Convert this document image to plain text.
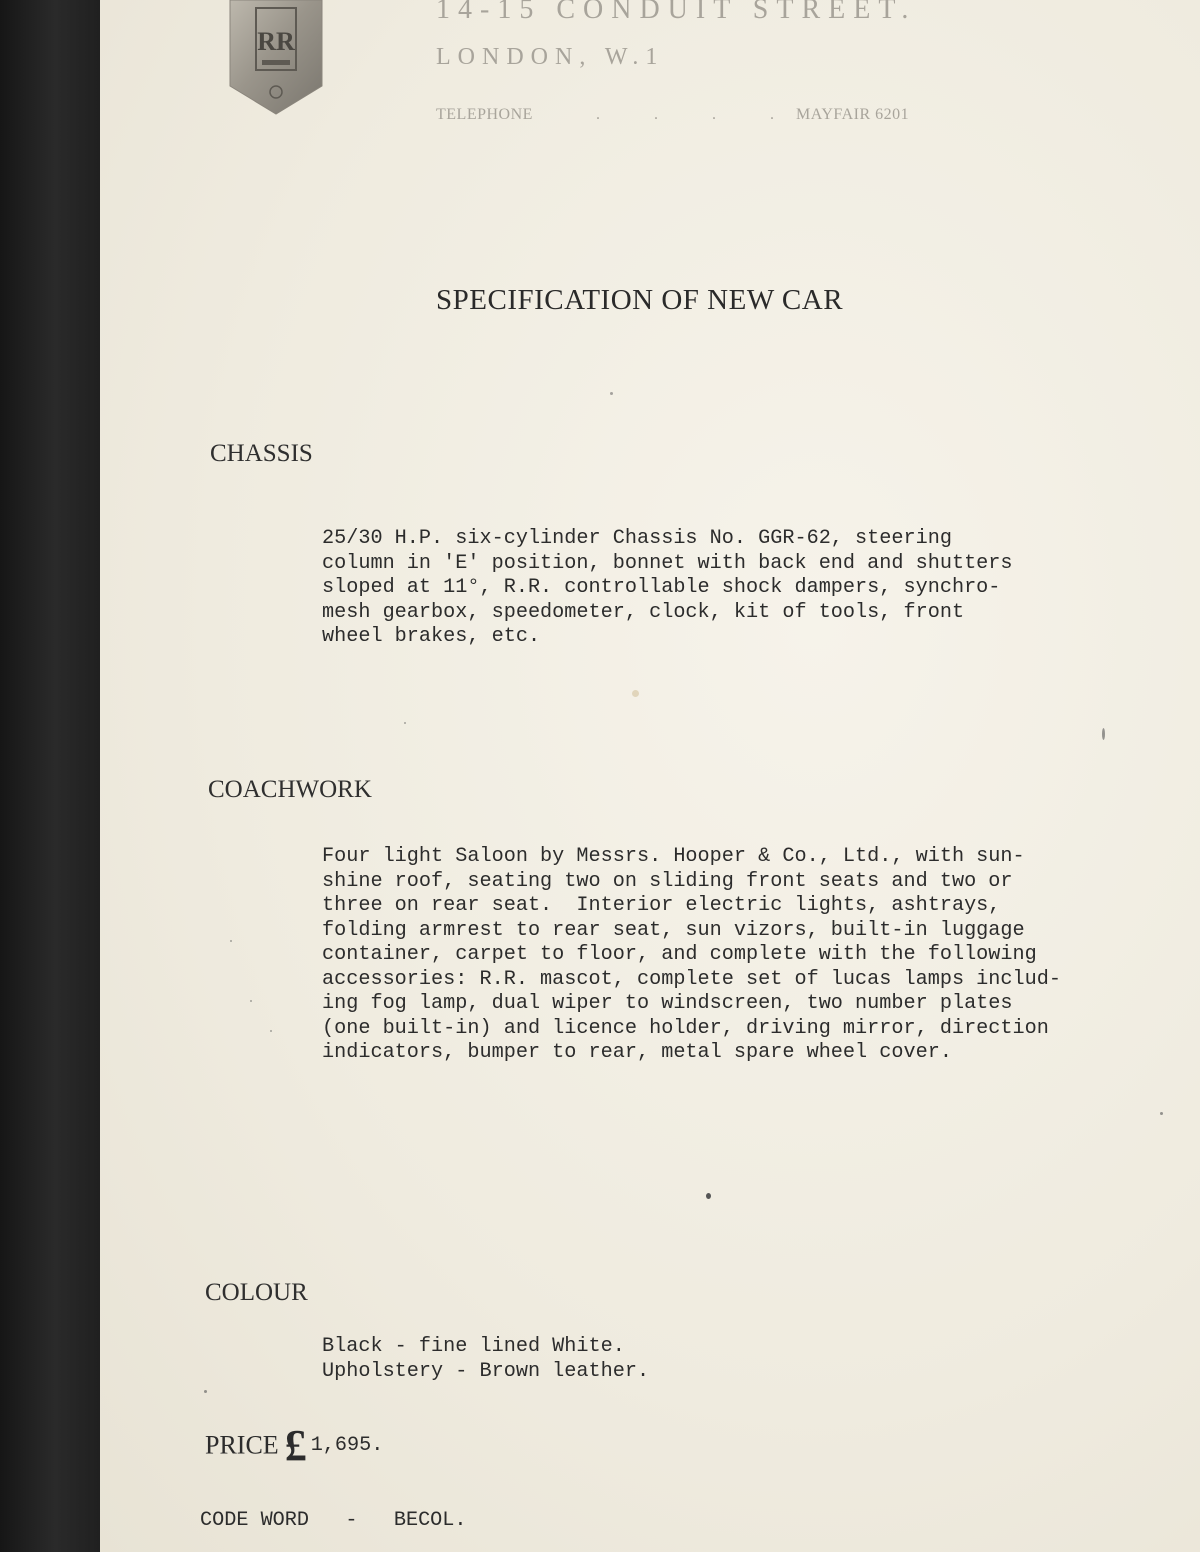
RR
14-15 CONDUIT STREET.
LONDON, W.1
TELEPHONE	. . . .
MAYFAIR 6201
SPECIFICATION OF NEW CAR
CHASSIS
25/30 H.P. six-cylinder Chassis No. GGR-62, steering
column in 'E' position, bonnet with back end and shutters
sloped at 11°, R.R. controllable shock dampers, synchro-
mesh gearbox, speedometer, clock, kit of tools, front
wheel brakes, etc.
COACHWORK
Four light Saloon by Messrs. Hooper & Co., Ltd., with sun-
shine roof, seating two on sliding front seats and two or
three on rear seat.  Interior electric lights, ashtrays,
folding armrest to rear seat, sun vizors, built-in luggage
container, carpet to floor, and complete with the following
accessories: R.R. mascot, complete set of lucas lamps includ-
ing fog lamp, dual wiper to windscreen, two number plates
(one built-in) and licence holder, driving mirror, direction
indicators, bumper to rear, metal spare wheel cover.
COLOUR
Black - fine lined White.
Upholstery - Brown leather.
PRICE £ 1,695.
CODE WORD - BECOL.
